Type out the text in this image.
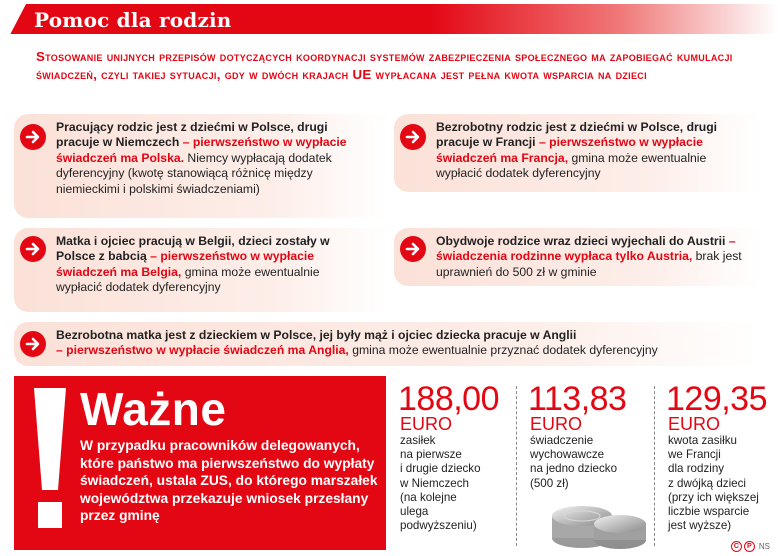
Pomoc dla rodzin
Stosowanie unijnych przepisów dotyczących koordynacji systemów zabezpieczenia społecznego ma zapobiegać kumulacji świadczeń, czyli takiej sytuacji, gdy w dwóch krajach UE wypłacana jest pełna kwota wsparcia na dzieci
Pracujący rodzic jest z dziećmi w Polsce, drugi pracuje w Niemczech – pierwszeństwo w wypłacie świadczeń ma Polska. Niemcy wypłacają dodatek dyferencyjny (kwotę stanowiącą różnicę między niemieckimi i polskimi świadczeniami)
Bezrobotny rodzic jest z dziećmi w Polsce, drugi pracuje w Francji – pierwszeństwo w wypłacie świadczeń ma Francja, gmina może ewentualnie wypłacić dodatek dyferencyjny
Matka i ojciec pracują w Belgii, dzieci zostały w Polsce z babcią – pierwszeństwo w wypłacie świadczeń ma Belgia, gmina może ewentualnie wypłacić dodatek dyferencyjny
Obydwoje rodzice wraz dzieci wyjechali do Austrii – świadczenia rodzinne wypłaca tylko Austria, brak jest uprawnień do 500 zł w gminie
Bezrobotna matka jest z dzieckiem w Polsce, jej były mąż i ojciec dziecka pracuje w Anglii
– pierwszeństwo w wypłacie świadczeń ma Anglia, gmina może ewentualnie przyznać dodatek dyferencyjny
Ważne
W przypadku pracowników delegowanych, które państwo ma pierwszeństwo do wypłaty świadczeń, ustala ZUS, do którego marszałek województwa przekazuje wniosek przesłany przez gminę
188,00
EURO
zasiłek
na pierwsze
i drugie dziecko
w Niemczech
(na kolejne
ulega
podwyższeniu)
113,83
EURO
świadczenie
wychowawcze
na jedno dziecko
(500 zł)
129,35
EURO
kwota zasiłku
we Francji
dla rodziny
z dwójką dzieci
(przy ich większej
liczbie wsparcie
jest wyższe)
C	P NS
